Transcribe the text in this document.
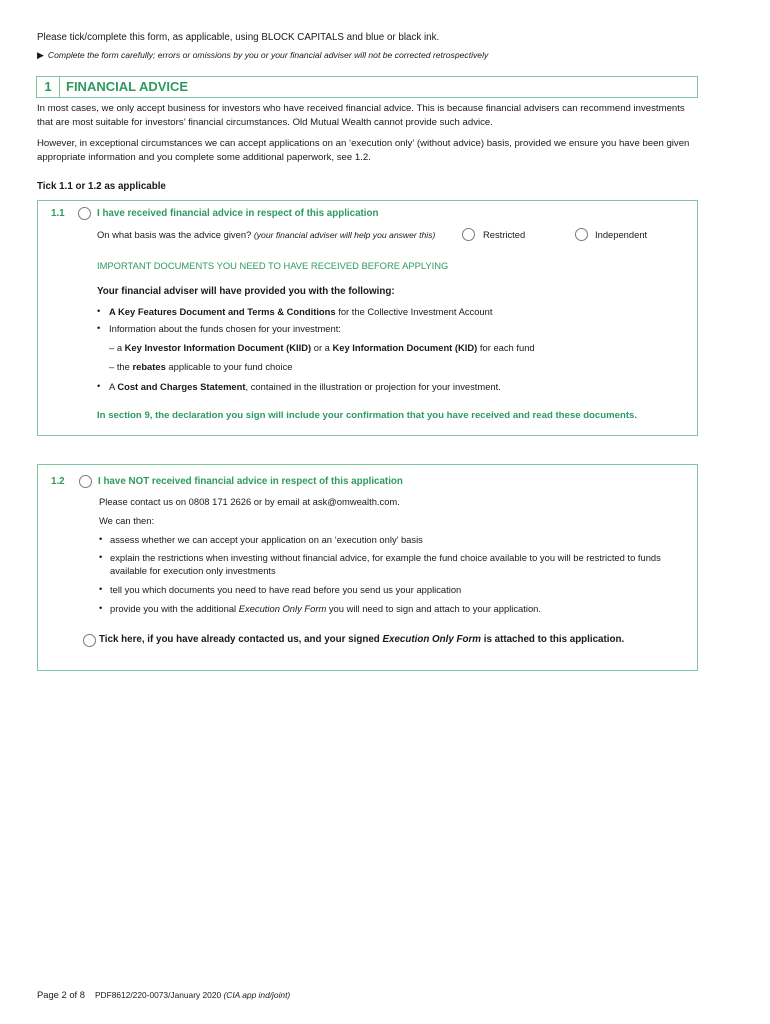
Please tick/complete this form, as applicable, using BLOCK CAPITALS and blue or black ink.
▶ Complete the form carefully; errors or omissions by you or your financial adviser will not be corrected retrospectively
1	FINANCIAL ADVICE
In most cases, we only accept business for investors who have received financial advice. This is because financial advisers can recommend investments that are most suitable for investors’ financial circumstances. Old Mutual Wealth cannot provide such advice.
However, in exceptional circumstances we can accept applications on an ‘execution only’ (without advice) basis, provided we ensure you have been given appropriate information and you complete some additional paperwork, see 1.2.
Tick 1.1 or 1.2 as applicable
1.1	I have received financial advice in respect of this application
On what basis was the advice given? (your financial adviser will help you answer this)	Restricted	Independent
IMPORTANT DOCUMENTS YOU NEED TO HAVE RECEIVED BEFORE APPLYING
Your financial adviser will have provided you with the following:
• A Key Features Document and Terms & Conditions for the Collective Investment Account
• Information about the funds chosen for your investment:
– a Key Investor Information Document (KIID) or a Key Information Document (KID) for each fund
– the rebates applicable to your fund choice
• A Cost and Charges Statement, contained in the illustration or projection for your investment.
In section 9, the declaration you sign will include your confirmation that you have received and read these documents.
1.2	I have NOT received financial advice in respect of this application
Please contact us on 0808 171 2626 or by email at ask@omwealth.com.
We can then:
• assess whether we can accept your application on an ‘execution only’ basis
• explain the restrictions when investing without financial advice, for example the fund choice available to you will be restricted to funds available for execution only investments
• tell you which documents you need to have read before you send us your application
• provide you with the additional Execution Only Form you will need to sign and attach to your application.
Tick here, if you have already contacted us, and your signed Execution Only Form is attached to this application.
Page 2 of 8 PDF8612/220-0073/January 2020 (CIA app ind/joint)
